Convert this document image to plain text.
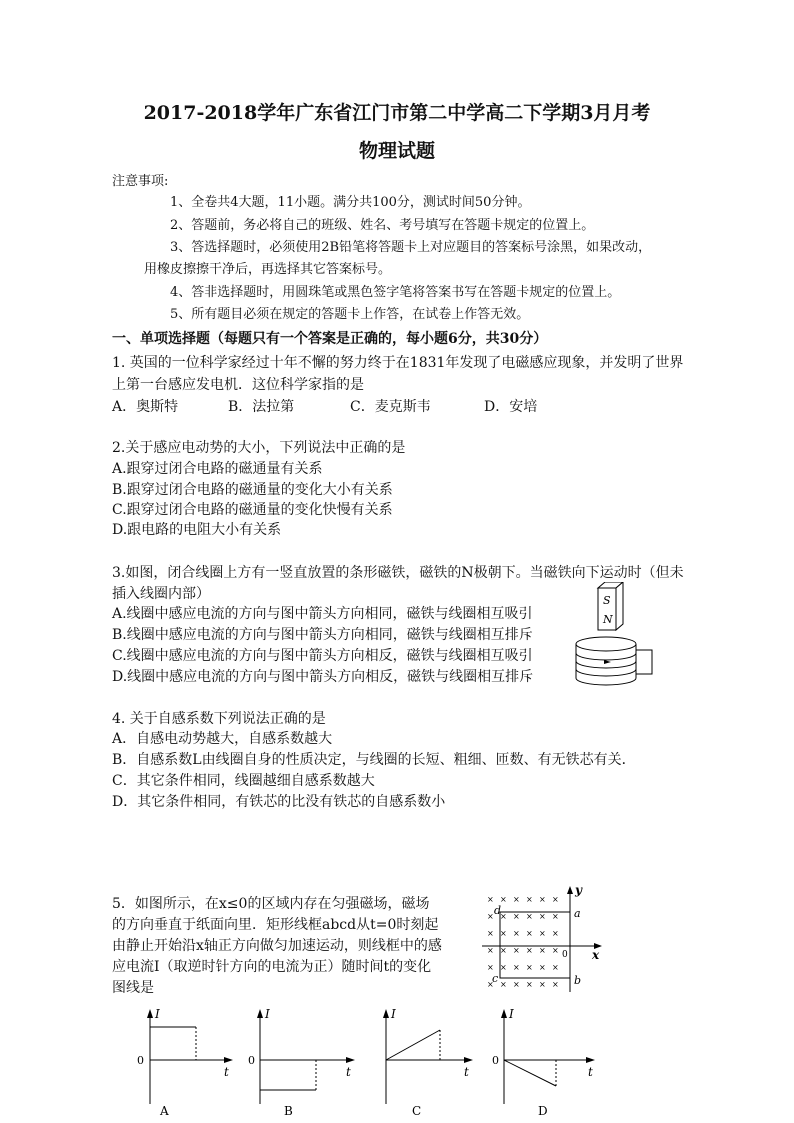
2017-2018学年广东省江门市第二中学高二下学期3月月考
物理试题
注意事项:
1、全卷共4大题，11小题。满分共100分，测试时间50分钟。
2、答题前，务必将自己的班级、姓名、考号填写在答题卡规定的位置上。
3、答选择题时，必须使用2B铅笔将答题卡上对应题目的答案标号涂黑，如果改动，
用橡皮擦擦干净后，再选择其它答案标号。
4、答非选择题时，用圆珠笔或黑色签字笔将答案书写在答题卡规定的位置上。
5、所有题目必须在规定的答题卡上作答，在试卷上作答无效。
一、单项选择题（每题只有一个答案是正确的，每小题6分，共30分）
1. 英国的一位科学家经过十年不懈的努力终于在1831年发现了电磁感应现象，并发明了世界
上第一台感应发电机．这位科学家指的是
A．奥斯特	B．法拉第	C．麦克斯韦	D．安培
2.关于感应电动势的大小，下列说法中正确的是
A.跟穿过闭合电路的磁通量有关系
B.跟穿过闭合电路的磁通量的变化大小有关系
C.跟穿过闭合电路的磁通量的变化快慢有关系
D.跟电路的电阻大小有关系
3.如图，闭合线圈上方有一竖直放置的条形磁铁，磁铁的N极朝下。当磁铁向下运动时（但未
插入线圈内部）
A.线圈中感应电流的方向与图中箭头方向相同，磁铁与线圈相互吸引
B.线圈中感应电流的方向与图中箭头方向相同，磁铁与线圈相互排斥
C.线圈中感应电流的方向与图中箭头方向相反，磁铁与线圈相互吸引
D.线圈中感应电流的方向与图中箭头方向相反，磁铁与线圈相互排斥
S
N
4. 关于自感系数下列说法正确的是
A．自感电动势越大，自感系数越大
B．自感系数L由线圈自身的性质决定，与线圈的长短、粗细、匝数、有无铁芯有关．
C．其它条件相同，线圈越细自感系数越大
D．其它条件相同，有铁芯的比没有铁芯的自感系数小
5．如图所示，在x≤0的区域内存在匀强磁场，磁场
的方向垂直于纸面向里．矩形线框abcd从t=0时刻起
由静止开始沿x轴正方向做匀加速运动，则线框中的感
应电流I（取逆时针方向的电流为正）随时间t的变化
图线是
× × × × × ×
× × × × × ×
× × × × × ×
× × × × × ×
× × × × × ×
× × × × × ×
y
x
a
b
c
d
0
I
0
t
A
I
0
t
B
I
t
C
I
0
t
D
